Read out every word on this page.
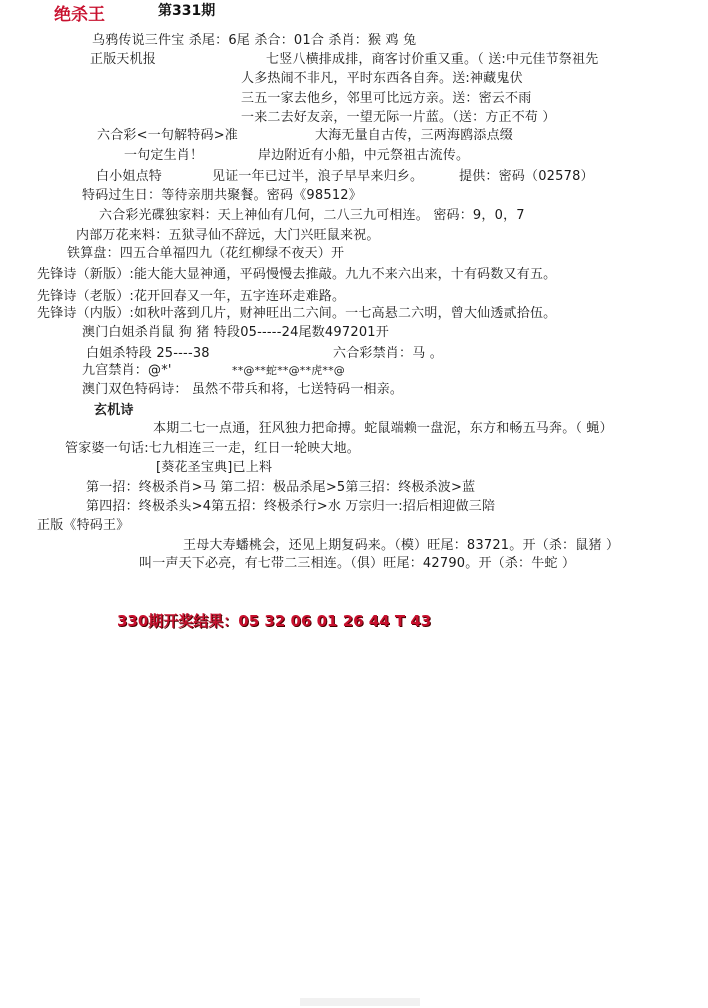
绝杀王	第331期
乌鸦传说三件宝 杀尾：6尾 杀合：01合 杀肖：猴 鸡 兔
正版天机报	七竖八横排成排，商客讨价重又重。（ 送:中元佳节祭祖先
人多热闹不非凡，平时东西各自奔。送:神藏鬼伏
三五一家去他乡，邻里可比远方亲。送：密云不雨
一来二去好友亲，一望无际一片蓝。（送：方正不苟 ）
六合彩<一句解特码>准	大海无量自古传，三两海鸥添点缀
一句定生肖！	岸边附近有小船，中元祭祖古流传。
白小姐点特	见证一年已过半，浪子早早来归乡。	提供：密码（02578）
特码过生日：等待亲朋共聚餐。密码《98512》
六合彩光碟独家料：天上神仙有几何，二八三九可相连。 密码：9，0，7
内部万花来料：五狱寻仙不辞远，大门兴旺鼠来祝。
铁算盘：四五合单福四九（花红柳绿不夜天）开
先锋诗（新版）:能大能大显神通，平码慢慢去推敲。九九不来六出来，十有码数又有五。
先锋诗（老版）:花开回春又一年，五字连环走难路。
先锋诗（内版）:如秋叶落到几片，财神旺出二六间。一七高悬二六明，曾大仙透贰拾伍。
澳门白姐杀肖鼠 狗 猪 特段05-----24尾数497201开
白姐杀特段 25----38	六合彩禁肖：马 。
九宫禁肖：@*'	**@**蛇**@**虎**@
澳门双色特码诗： 虽然不带兵和将，七送特码一相亲。
玄机诗
本期二七一点通，狂风独力把命搏。蛇鼠端赖一盘泥，东方和畅五马奔。（ 蝇）
管家婆一句话:七九相连三一走，红日一轮映大地。
[葵花圣宝典]已上料
第一招：终极杀肖>马 第二招：极品杀尾>5第三招：终极杀波>蓝
第四招：终极杀头>4第五招：终极杀行>水 万宗归一:招后相迎做三陪
正版《特码王》
王母大寿蟠桃会，还见上期复码来。（模）旺尾：83721。开（杀：鼠猪 ）
叫一声天下必亮，有七带二三相连。（俱）旺尾：42790。开（杀：牛蛇 ）
330期开奖结果：05 32 06 01 26 44 T 43
